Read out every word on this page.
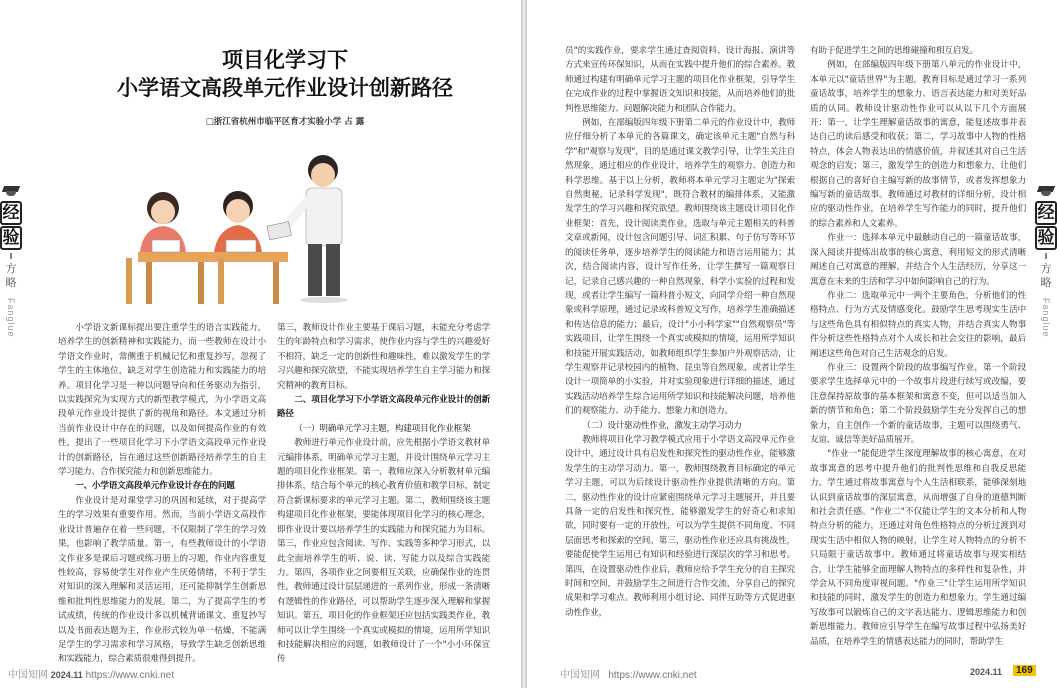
经
验
方
略
Fanglue
项目化学习下
小学语文高段单元作业设计创新路径
□浙江省杭州市临平区育才实验小学 占 露

小学语文新课标提出要注重学生的语言实践能力，培养学生的创新精神和实践能力，而一些教师在设计小学语文作业时，常侧重于机械记忆和重复抄写，忽视了学生的主体地位，缺乏对学生创造能力和实践能力的培养。项目化学习是一种以问题导向和任务驱动为指引，以实践探究为实现方式的新型教学模式，为小学语文高段单元作业设计提供了新的视角和路径。本文通过分析当前作业设计中存在的问题，以及如何提高作业的有效性，提出了一些项目化学习下小学语文高段单元作业设计的创新路径，旨在通过这些创新路径培养学生的自主学习能力、合作探究能力和创新思维能力。

一、小学语文高段单元作业设计存在的问题

作业设计是对课堂学习的巩固和延续，对于提高学生的学习效果有重要作用。然而，当前小学语文高段作业设计普遍存在着一些问题，不仅限制了学生的学习效果，也影响了教学质量。第一，有些教师设计的小学语文作业多是课后习题或练习册上的习题，作业内容重复性较高，容易使学生对作业产生厌倦情绪，不利于学生对知识的深入理解和灵活运用，还可能抑制学生创新思维和批判性思维能力的发展。第二，为了提高学生的考试成绩，传统的作业设计多以机械背诵课文、重复抄写以及书面表达题为主，作业形式较为单一枯燥，不能满足学生的学习需求和学习风格，导致学生缺乏创新思维和实践能力，综合素质很难得到提升。

第三，教师设计作业主要基于课后习题，未能充分考虑学生的年龄特点和学习需求，使作业内容与学生的兴趣爱好不相符，缺乏一定的创新性和趣味性，难以激发学生的学习兴趣和探究欲望，不能实现培养学生自主学习能力和探究精神的教育目标。

二、项目化学习下小学语文高段单元作业设计的创新路径
（一）明确单元学习主题，构建项目化作业框架

教师进行单元作业设计前，应先根据小学语文教材单元编排体系，明确单元学习主题，并设计围绕单元学习主题的项目化作业框架。第一，教师应深入分析教材单元编排体系，结合每个单元的核心教育价值和教学目标，制定符合新课标要求的单元学习主题。第二，教师围绕该主题构建项目化作业框架，要能体现项目化学习的核心理念，即作业设计要以培养学生的实践能力和探究能力为目标。第三，作业应包含阅读、写作、实践等多种学习形式，以此全面培养学生的听、说、读、写能力以及综合实践能力。第四，各项作业之间要相互关联，应确保作业的连贯性，教师通过设计层层递进的一系列作业，形成一条清晰有逻辑性的作业路径，可以帮助学生逐步深入理解和掌握知识。第五，项目化的作业框架还应包括实践类作业，教师可以让学生围绕一个真实或模拟的情境，运用所学知识和技能解决相应的问题，如教师设计了一个"小小环保宣传

中国知网 2024.11 https://www.cnki.net

员"的实践作业，要求学生通过查阅资料、设计海报、演讲等方式来宣传环保知识，从而在实践中提升他们的综合素养。教师通过构建有明确单元学习主题的项目化作业框架，引导学生在完成作业的过程中掌握语文知识和技能，从而培养他们的批判性思维能力、问题解决能力和团队合作能力。

例如，在部编版四年级下册第二单元的作业设计中，教师应仔细分析了本单元的各篇课文，确定该单元主题"自然与科学"和"观察与发现"，目的是通过课文教学引导，让学生关注自然现象，通过相应的作业设计，培养学生的观察力、创造力和科学思维。基于以上分析，教师将本单元学习主题定为"探索自然奥秘，记录科学发现"，既符合教材的编排体系，又能激发学生的学习兴趣和探究欲望。教师围绕该主题设计项目化作业框架：首先，设计阅读类作业，选取与单元主题相关的科普文章或新闻，设计包含问题引导、词汇积累、句子仿写等环节的阅读任务单，逐步培养学生的阅读能力和语言运用能力；其次，结合阅读内容，设计写作任务，让学生撰写一篇观察日记，记录自己感兴趣的一种自然现象，科学小实验的过程和发现，或者让学生编写一篇科普小短文，向同学介绍一种自然现象或科学原理，通过记录或科普短文写作，培养学生准确描述和传达信息的能力；最后，设计"小小科学家""自然观察员"等实践项目，让学生围绕一个真实或模拟的情境，运用所学知识和技能开展实践活动，如教师组织学生参加户外观察活动，让学生观察并记录校园内的植物、昆虫等自然现象，或者让学生设计一项简单的小实验，并对实验现象进行详细的描述，通过实践活动培养学生综合运用所学知识和技能解决问题，培养他们的观察能力、动手能力、想象力和创造力。

（二）设计驱动性作业，激发主动学习动力

教师将项目化学习教学模式应用于小学语文高段单元作业设计中，通过设计具有启发性和探究性的驱动性作业，能够激发学生的主动学习动力。第一，教师围绕教育目标确定的单元学习主题，可以为后续设计驱动性作业提供清晰的方向。第二，驱动性作业的设计应紧密围绕单元学习主题展开，并且要具备一定的启发性和探究性，能够激发学生的好奇心和求知欲，同时要有一定的开放性，可以为学生提供不同角度、不同层面思考和探索的空间。第三，驱动性作业还应具有挑战性，要能促使学生运用已有知识和经验进行深层次的学习和思考。第四，在设置驱动性作业后，教师应给予学生充分的自主探究时间和空间，并鼓励学生之间进行合作交流，分享自己的探究成果和学习难点。教师利用小组讨论、同伴互助等方式促进驱动性作业，

有助于促进学生之间的思维碰撞和相互启发。

例如，在部编版四年级下册第八单元的作业设计中，本单元以"童话世界"为主题，教育目标是通过学习一系列童话故事，培养学生的想象力、语言表达能力和对美好品质的认同。教师设计驱动性作业可以从以下几个方面展开：第一，让学生理解童话故事的寓意，能复述故事并表达自己的读后感受和收获；第二，学习故事中人物的性格特点，体会人物表达出的情感价值，并叙述其对自己生活观念的启发；第三，激发学生的创造力和想象力，让他们根据自己的喜好自主编写新的故事情节，或者发挥想象力编写新的童话故事。教师通过对教材的详细分析，设计相应的驱动性作业，在培养学生写作能力的同时，提升他们的综合素养和人文素养。

作业一：选择本单元中最触动自己的一篇童话故事，深入阅读并提炼出故事的核心寓意，利用短文的形式清晰阐述自己对寓意的理解，并结合个人生活经历，分享这一寓意在未来的生活和学习中如何影响自己的行为。

作业二：选取单元中一两个主要角色，分析他们的性格特点、行为方式及情感变化。鼓励学生思考现实生活中与这些角色具有相似特点的真实人物，并结合真实人物事件分析这些性格特点对个人成长和社会交往的影响，最后阐述这些角色对自己生活观念的启发。

作业三：设置两个阶段的故事编写作业，第一个阶段要求学生选择单元中的一个故事片段进行续写或改编，要注意保持原故事的基本框架和寓意不变，但可以适当加入新的情节和角色；第二个阶段鼓励学生充分发挥自己的想象力，自主创作一个新的童话故事，主题可以围绕勇气、友谊、诚信等美好品质展开。

"作业一"能促进学生深度理解故事的核心寓意，在对故事寓意的思考中提升他们的批判性思维和自我反思能力。学生通过将故事寓意与个人生活相联系，能够深刻地认识到童话故事的深层寓意，从而增强了自身的道德判断和社会责任感。"作业二"不仅能让学生的文本分析和人物特点分析的能力，还通过对角色性格特点的分析过渡到对现实生活中相似人物的映射，让学生对人物特点的分析不只局限于童话故事中。教师通过将童话故事与现实相结合，让学生能够全面理解人物特点的多样性和复杂性，并学会从不同角度审视问题。"作业三"让学生运用所学知识和技能的同时，激发学生的创造力和想象力。学生通过编写故事可以锻炼自己的文字表达能力、逻辑思维能力和创新思维能力。教师应引导学生在编写故事过程中弘扬美好品质，在培养学生的情感表达能力的同时，帮助学生

经
验
方
略
Fanglue
中国知网 https://www.cnki.net	2024.11	169
